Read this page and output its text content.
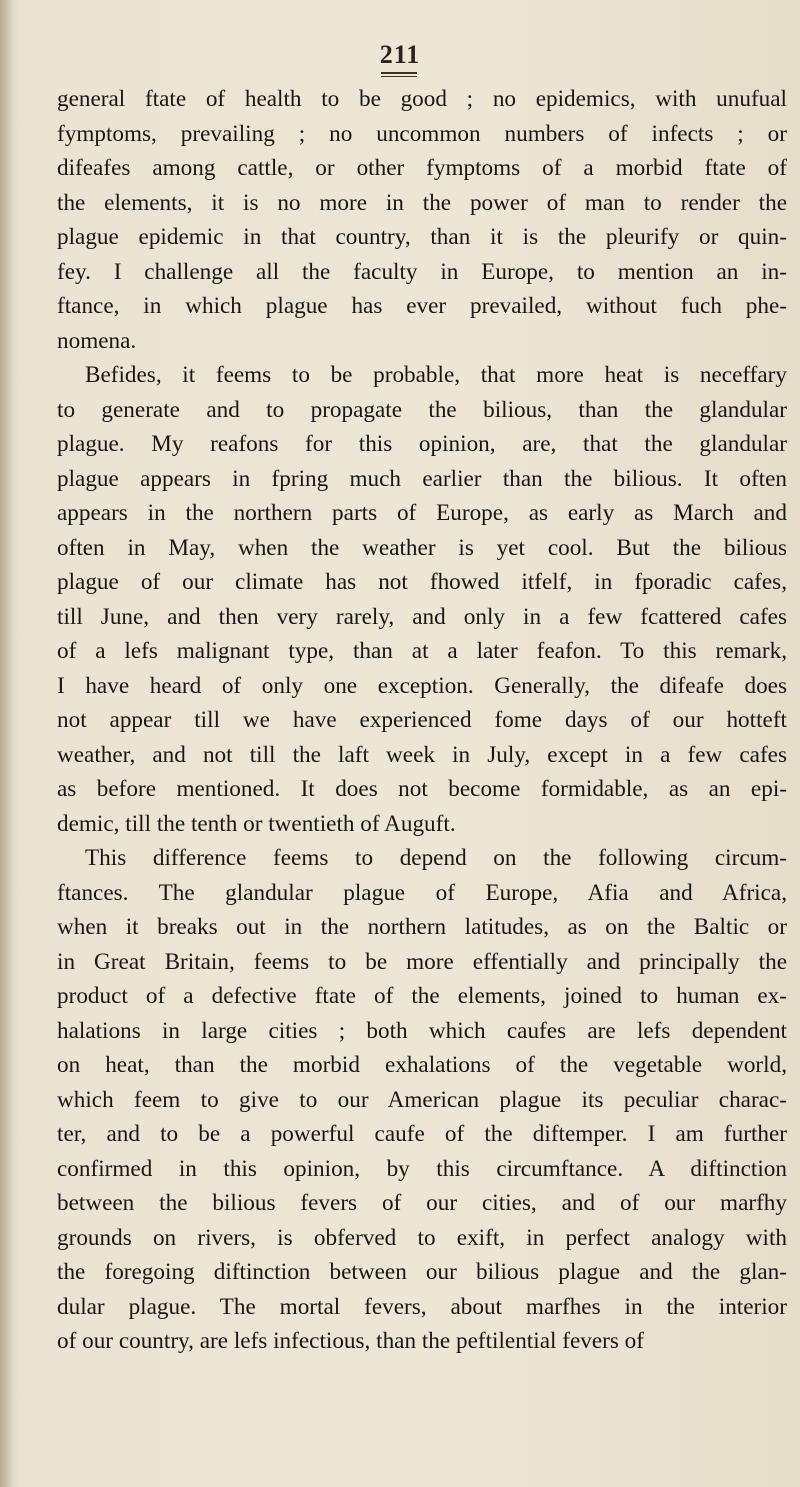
211
general ftate of health to be good ; no epidemics, with unufual
fymptoms, prevailing ; no uncommon numbers of infects ; or
difeafes among cattle, or other fymptoms of a morbid ftate of
the elements, it is no more in the power of man to render the
plague epidemic in that country, than it is the pleurify or quin-
fey. I challenge all the faculty in Europe, to mention an in-
ftance, in which plague has ever prevailed, without fuch phe-
nomena.
Befides, it feems to be probable, that more heat is neceffary
to generate and to propagate the bilious, than the glandular
plague. My reafons for this opinion, are, that the glandular
plague appears in fpring much earlier than the bilious. It often
appears in the northern parts of Europe, as early as March and
often in May, when the weather is yet cool. But the bilious
plague of our climate has not fhowed itfelf, in fporadic cafes,
till June, and then very rarely, and only in a few fcattered cafes
of a lefs malignant type, than at a later feafon. To this remark,
I have heard of only one exception. Generally, the difeafe does
not appear till we have experienced fome days of our hotteft
weather, and not till the laft week in July, except in a few cafes
as before mentioned. It does not become formidable, as an epi-
demic, till the tenth or twentieth of Auguft.
This difference feems to depend on the following circum-
ftances. The glandular plague of Europe, Afia and Africa,
when it breaks out in the northern latitudes, as on the Baltic or
in Great Britain, feems to be more effentially and principally the
product of a defective ftate of the elements, joined to human ex-
halations in large cities ; both which caufes are lefs dependent
on heat, than the morbid exhalations of the vegetable world,
which feem to give to our American plague its peculiar charac-
ter, and to be a powerful caufe of the diftemper. I am further
confirmed in this opinion, by this circumftance. A diftinction
between the bilious fevers of our cities, and of our marfhy
grounds on rivers, is obferved to exift, in perfect analogy with
the foregoing diftinction between our bilious plague and the glan-
dular plague. The mortal fevers, about marfhes in the interior
of our country, are lefs infectious, than the peftilential fevers of
